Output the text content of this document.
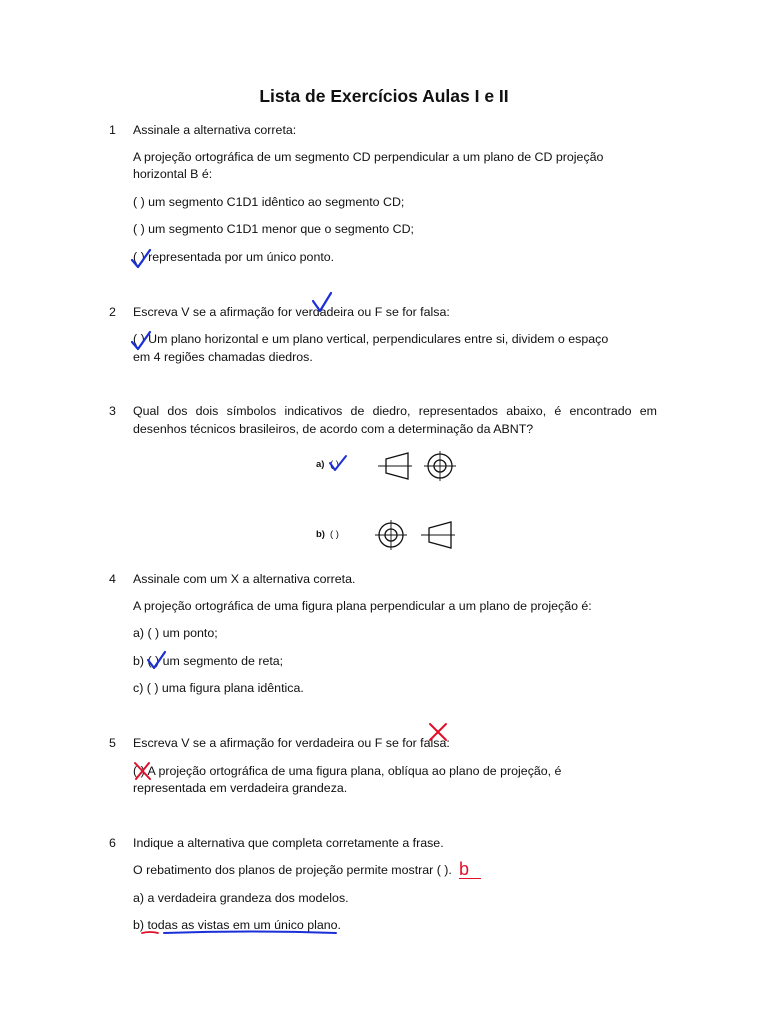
Lista de Exercícios Aulas I e II
1 Assinale a alternativa correta:
A projeção ortográfica de um segmento CD perpendicular a um plano de CD projeção
horizontal B é:
( ) um segmento C1D1 idêntico ao segmento CD;
( ) um segmento C1D1 menor que o segmento CD;
( ) representada por um único ponto.
2 Escreva V se a afirmação for verdadeira ou F se for falsa:
( ) Um plano horizontal e um plano vertical, perpendiculares entre si, dividem o espaço
em 4 regiões chamadas diedros.
3 Qual dos dois símbolos indicativos de diedro, representados abaixo, é encontrado em
desenhos técnicos brasileiros, de acordo com a determinação da ABNT?
a) ( )
b) ( )
4 Assinale com um X a alternativa correta.
A projeção ortográfica de uma figura plana perpendicular a um plano de projeção é:
a) ( ) um ponto;
b) ( ) um segmento de reta;
c) ( ) uma figura plana idêntica.
5 Escreva V se a afirmação for verdadeira ou F se for falsa:
( ) A projeção ortográfica de uma figura plana, oblíqua ao plano de projeção, é
representada em verdadeira grandeza.
6 Indique a alternativa que completa corretamente a frase.
O rebatimento dos planos de projeção permite mostrar ( ). b
a) a verdadeira grandeza dos modelos.
b) todas as vistas em um único plano.
